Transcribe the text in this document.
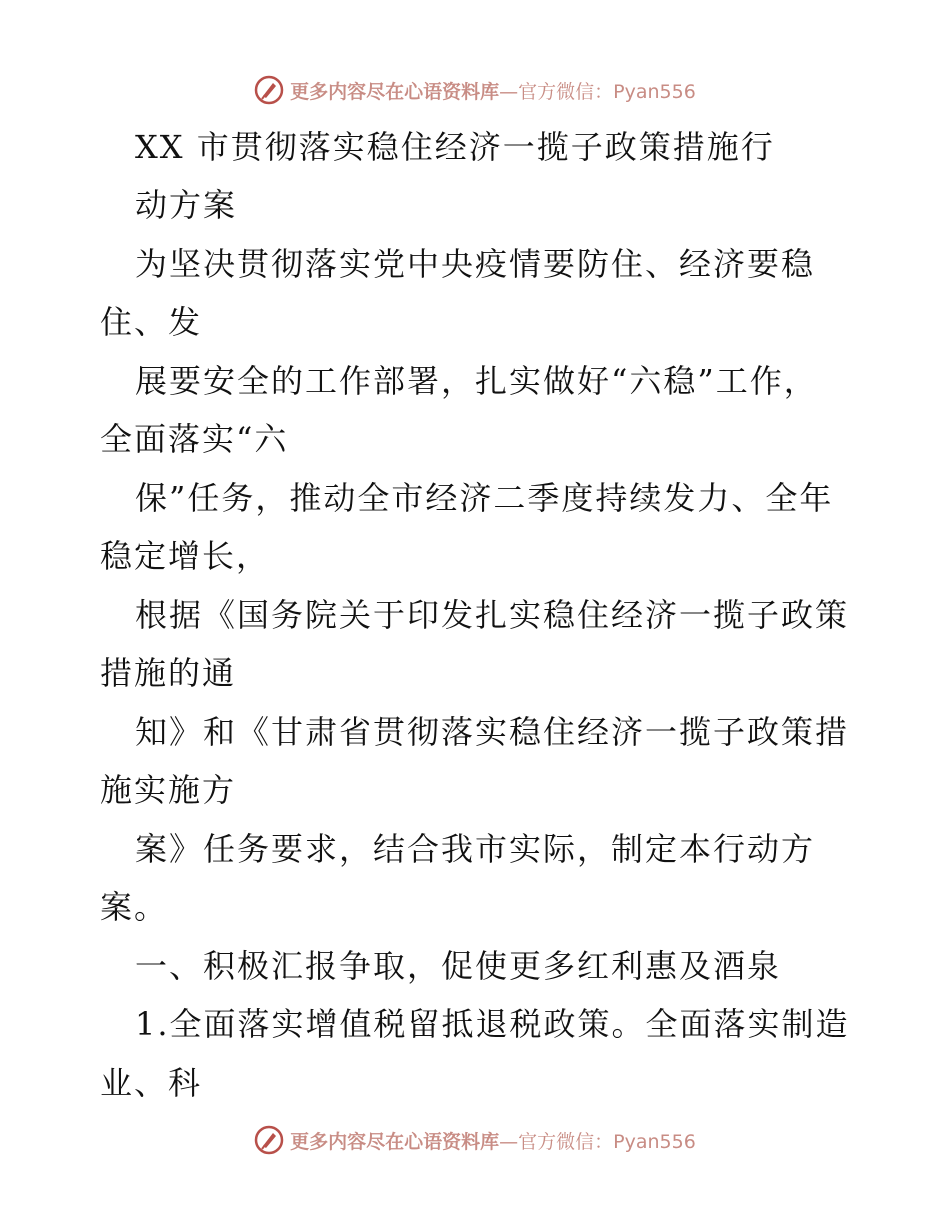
更多内容尽在心语资料库—官方微信：Pyan556
XX 市贯彻落实稳住经济一揽子政策措施行
动方案
为坚决贯彻落实党中央疫情要防住、经济要稳
住、发
展要安全的工作部署，扎实做好“六稳”工作，
全面落实“六
保”任务，推动全市经济二季度持续发力、全年
稳定增长，
根据《国务院关于印发扎实稳住经济一揽子政策
措施的通
知》和《甘肃省贯彻落实稳住经济一揽子政策措
施实施方
案》任务要求，结合我市实际，制定本行动方
案。
一、积极汇报争取，促使更多红利惠及酒泉
1.全面落实增值税留抵退税政策。全面落实制造
业、科
更多内容尽在心语资料库—官方微信：Pyan556
